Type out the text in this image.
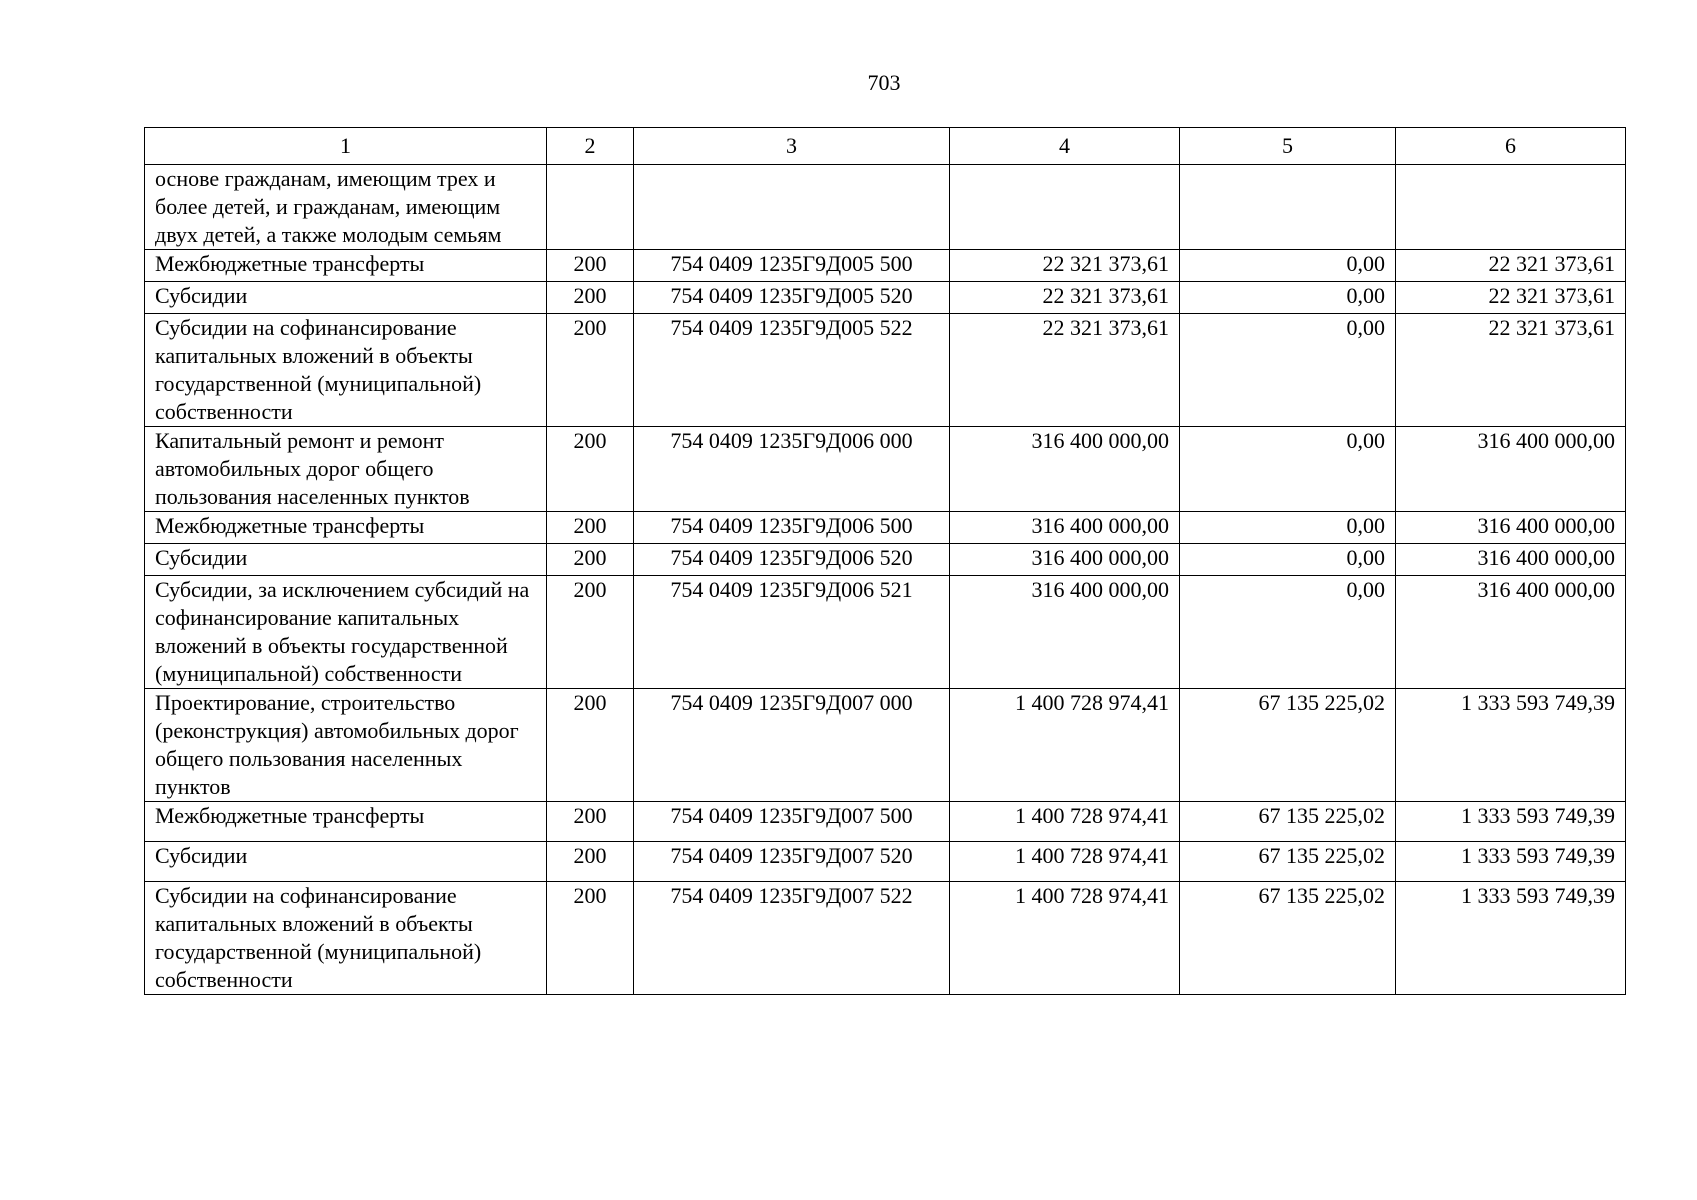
703
1	2	3	4	5	6
основе гражданам, имеющим трех и более детей, и гражданам, имеющим двух детей, а также молодым семьям					
Межбюджетные трансферты	200	754 0409 1235Г9Д005 500	22 321 373,61	0,00	22 321 373,61
Субсидии	200	754 0409 1235Г9Д005 520	22 321 373,61	0,00	22 321 373,61
Субсидии на софинансирование капитальных вложений в объекты государственной (муниципальной) собственности	200	754 0409 1235Г9Д005 522	22 321 373,61	0,00	22 321 373,61
Капитальный ремонт и ремонт автомобильных дорог общего пользования населенных пунктов	200	754 0409 1235Г9Д006 000	316 400 000,00	0,00	316 400 000,00
Межбюджетные трансферты	200	754 0409 1235Г9Д006 500	316 400 000,00	0,00	316 400 000,00
Субсидии	200	754 0409 1235Г9Д006 520	316 400 000,00	0,00	316 400 000,00
Субсидии, за исключением субсидий на софинансирование капитальных вложений в объекты государственной (муниципальной) собственности	200	754 0409 1235Г9Д006 521	316 400 000,00	0,00	316 400 000,00
Проектирование, строительство (реконструкция) автомобильных дорог общего пользования населенных пунктов	200	754 0409 1235Г9Д007 000	1 400 728 974,41	67 135 225,02	1 333 593 749,39
Межбюджетные трансферты	200	754 0409 1235Г9Д007 500	1 400 728 974,41	67 135 225,02	1 333 593 749,39
Субсидии	200	754 0409 1235Г9Д007 520	1 400 728 974,41	67 135 225,02	1 333 593 749,39
Субсидии на софинансирование капитальных вложений в объекты государственной (муниципальной) собственности	200	754 0409 1235Г9Д007 522	1 400 728 974,41	67 135 225,02	1 333 593 749,39
